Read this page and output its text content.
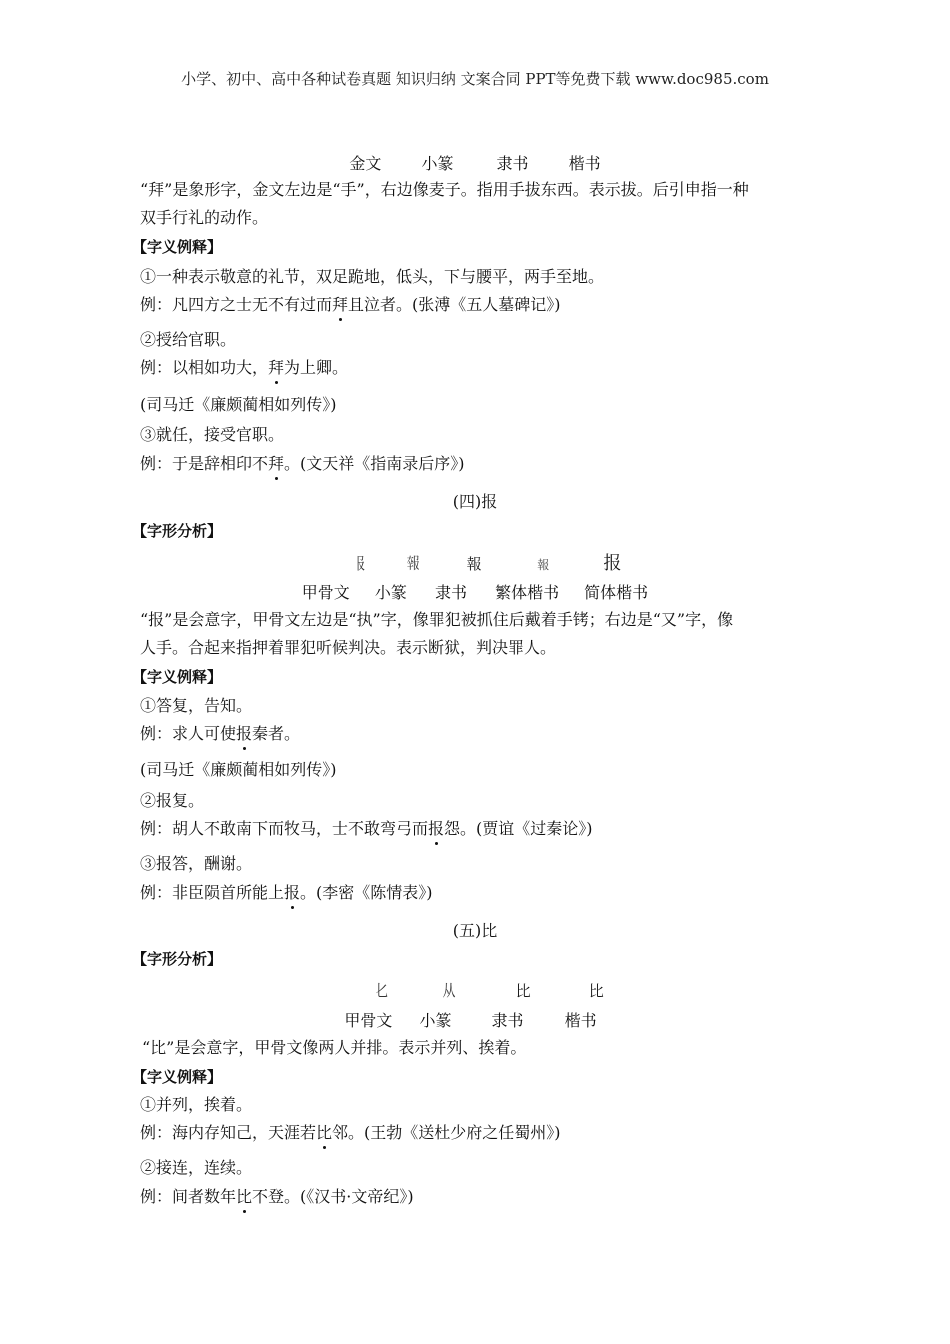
小学、初中、高中各种试卷真题 知识归纳 文案合同 PPT等免费下载 www.doc985.com
金文	小篆	隶书	楷书
“拜”是象形字，金文左边是“手”，右边像麦子。指用手拔东西。表示拔。后引申指一种
双手行礼的动作。
【字义例释】
①一种表示敬意的礼节，双足跪地，低头，下与腰平，两手至地。
例：凡四方之士无不有过而拜且泣者。(张溥《五人墓碑记》)
②授给官职。
例：以相如功大，拜为上卿。
(司马迁《廉颇蔺相如列传》)
③就任，接受官职。
例：于是辞相印不拜。(文天祥《指南录后序》)
(四)报
【字形分析】
𠬝 𡙈	報	報	报
甲骨文 小篆 隶书 繁体楷书 简体楷书
“报”是会意字，甲骨文左边是“执”字，像罪犯被抓住后戴着手铐；右边是“又”字，像
人手。合起来指押着罪犯听候判决。表示断狱，判决罪人。
【字义例释】
①答复，告知。
例：求人可使报秦者。
(司马迁《廉颇蔺相如列传》)
②报复。
例：胡人不敢南下而牧马，士不敢弯弓而报怨。(贾谊《过秦论》)
③报答，酬谢。
例：非臣陨首所能上报。(李密《陈情表》)
(五)比
【字形分析】
𠤎	从	比	比
甲骨文 小篆	隶书	楷书
“比”是会意字，甲骨文像两人并排。表示并列、挨着。
【字义例释】
①并列，挨着。
例：海内存知己，天涯若比邻。(王勃《送杜少府之任蜀州》)
②接连，连续。
例：间者数年比不登。(《汉书·文帝纪》)
